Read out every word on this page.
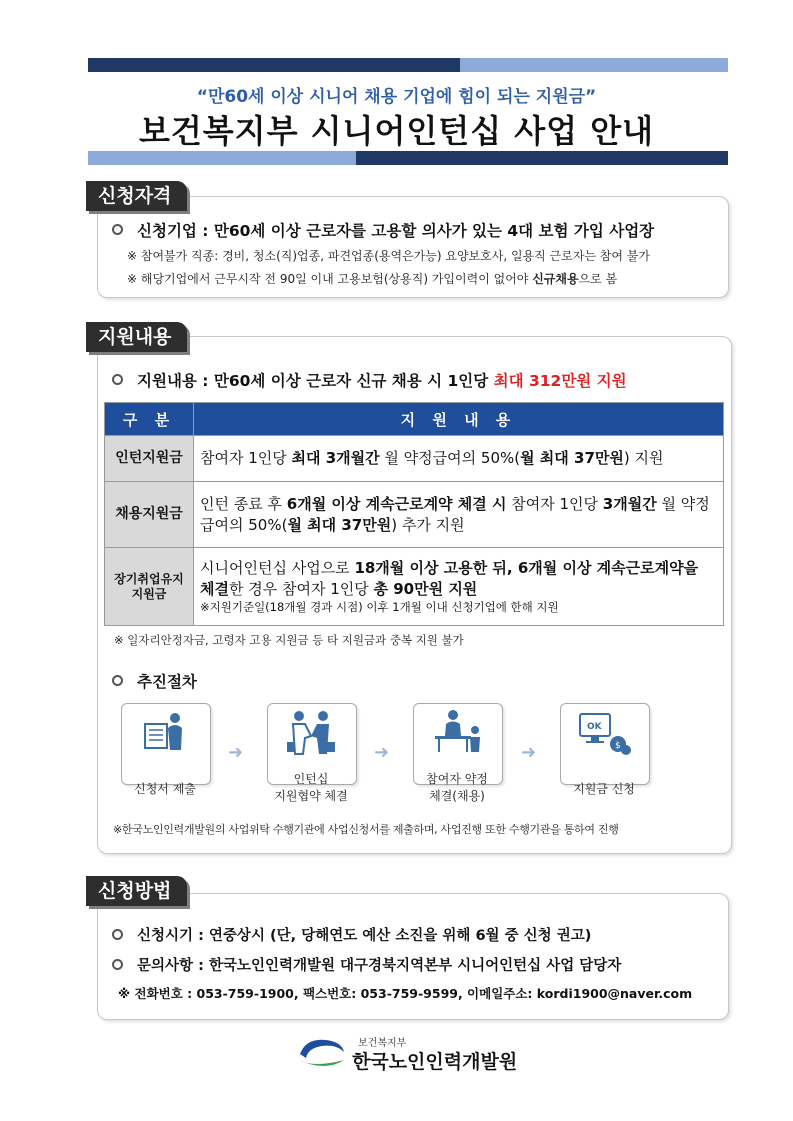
“만60세 이상 시니어 채용 기업에 힘이 되는 지원금”
보건복지부 시니어인턴십 사업 안내
신청자격
신청기업 : 만60세 이상 근로자를 고용할 의사가 있는 4대 보험 가입 사업장
※ 참여불가 직종: 경비, 청소(직)업종, 파견업종(용역은가능) 요양보호사, 일용직 근로자는 참여 불가
※ 해당기업에서 근무시작 전 90일 이내 고용보험(상용직) 가입이력이 없어야 신규채용으로 봄
지원내용
지원내용 : 만60세 이상 근로자 신규 채용 시 1인당 최대 312만원 지원
구 분	지 원 내 용
인턴지원금	참여자 1인당 최대 3개월간 월 약정급여의 50%(월 최대 37만원) 지원
채용지원금	인턴 종료 후 6개월 이상 계속근로계약 체결 시 참여자 1인당 3개월간 월 약정 급여의 50%(월 최대 37만원) 추가 지원
장기취업유지
지원금	시니어인턴십 사업으로 18개월 이상 고용한 뒤, 6개월 이상 계속근로계약을 체결한 경우 참여자 1인당 총 90만원 지원
※지원기준일(18개월 경과 시점) 이후 1개월 이내 신청기업에 한해 지원
※ 일자리안정자금, 고령자 고용 지원금 등 타 지원금과 중복 지원 불가
추진절차
신청서 제출
➜
인턴십
지원협약 체결
➜
참여자 약정
체결(채용)
➜
OK
$
지원금 신청
※한국노인인력개발원의 사업위탁 수행기관에 사업신청서를 제출하며, 사업진행 또한 수행기관을 통하여 진행
신청방법
신청시기 : 연중상시 (단, 당해연도 예산 소진을 위해 6월 중 신청 권고)
문의사항 : 한국노인인력개발원 대구경북지역본부 시니어인턴십 사업 담당자
※ 전화번호 : 053-759-1900, 팩스번호: 053-759-9599, 이메일주소: kordi1900@naver.com
보건복지부
한국노인인력개발원
